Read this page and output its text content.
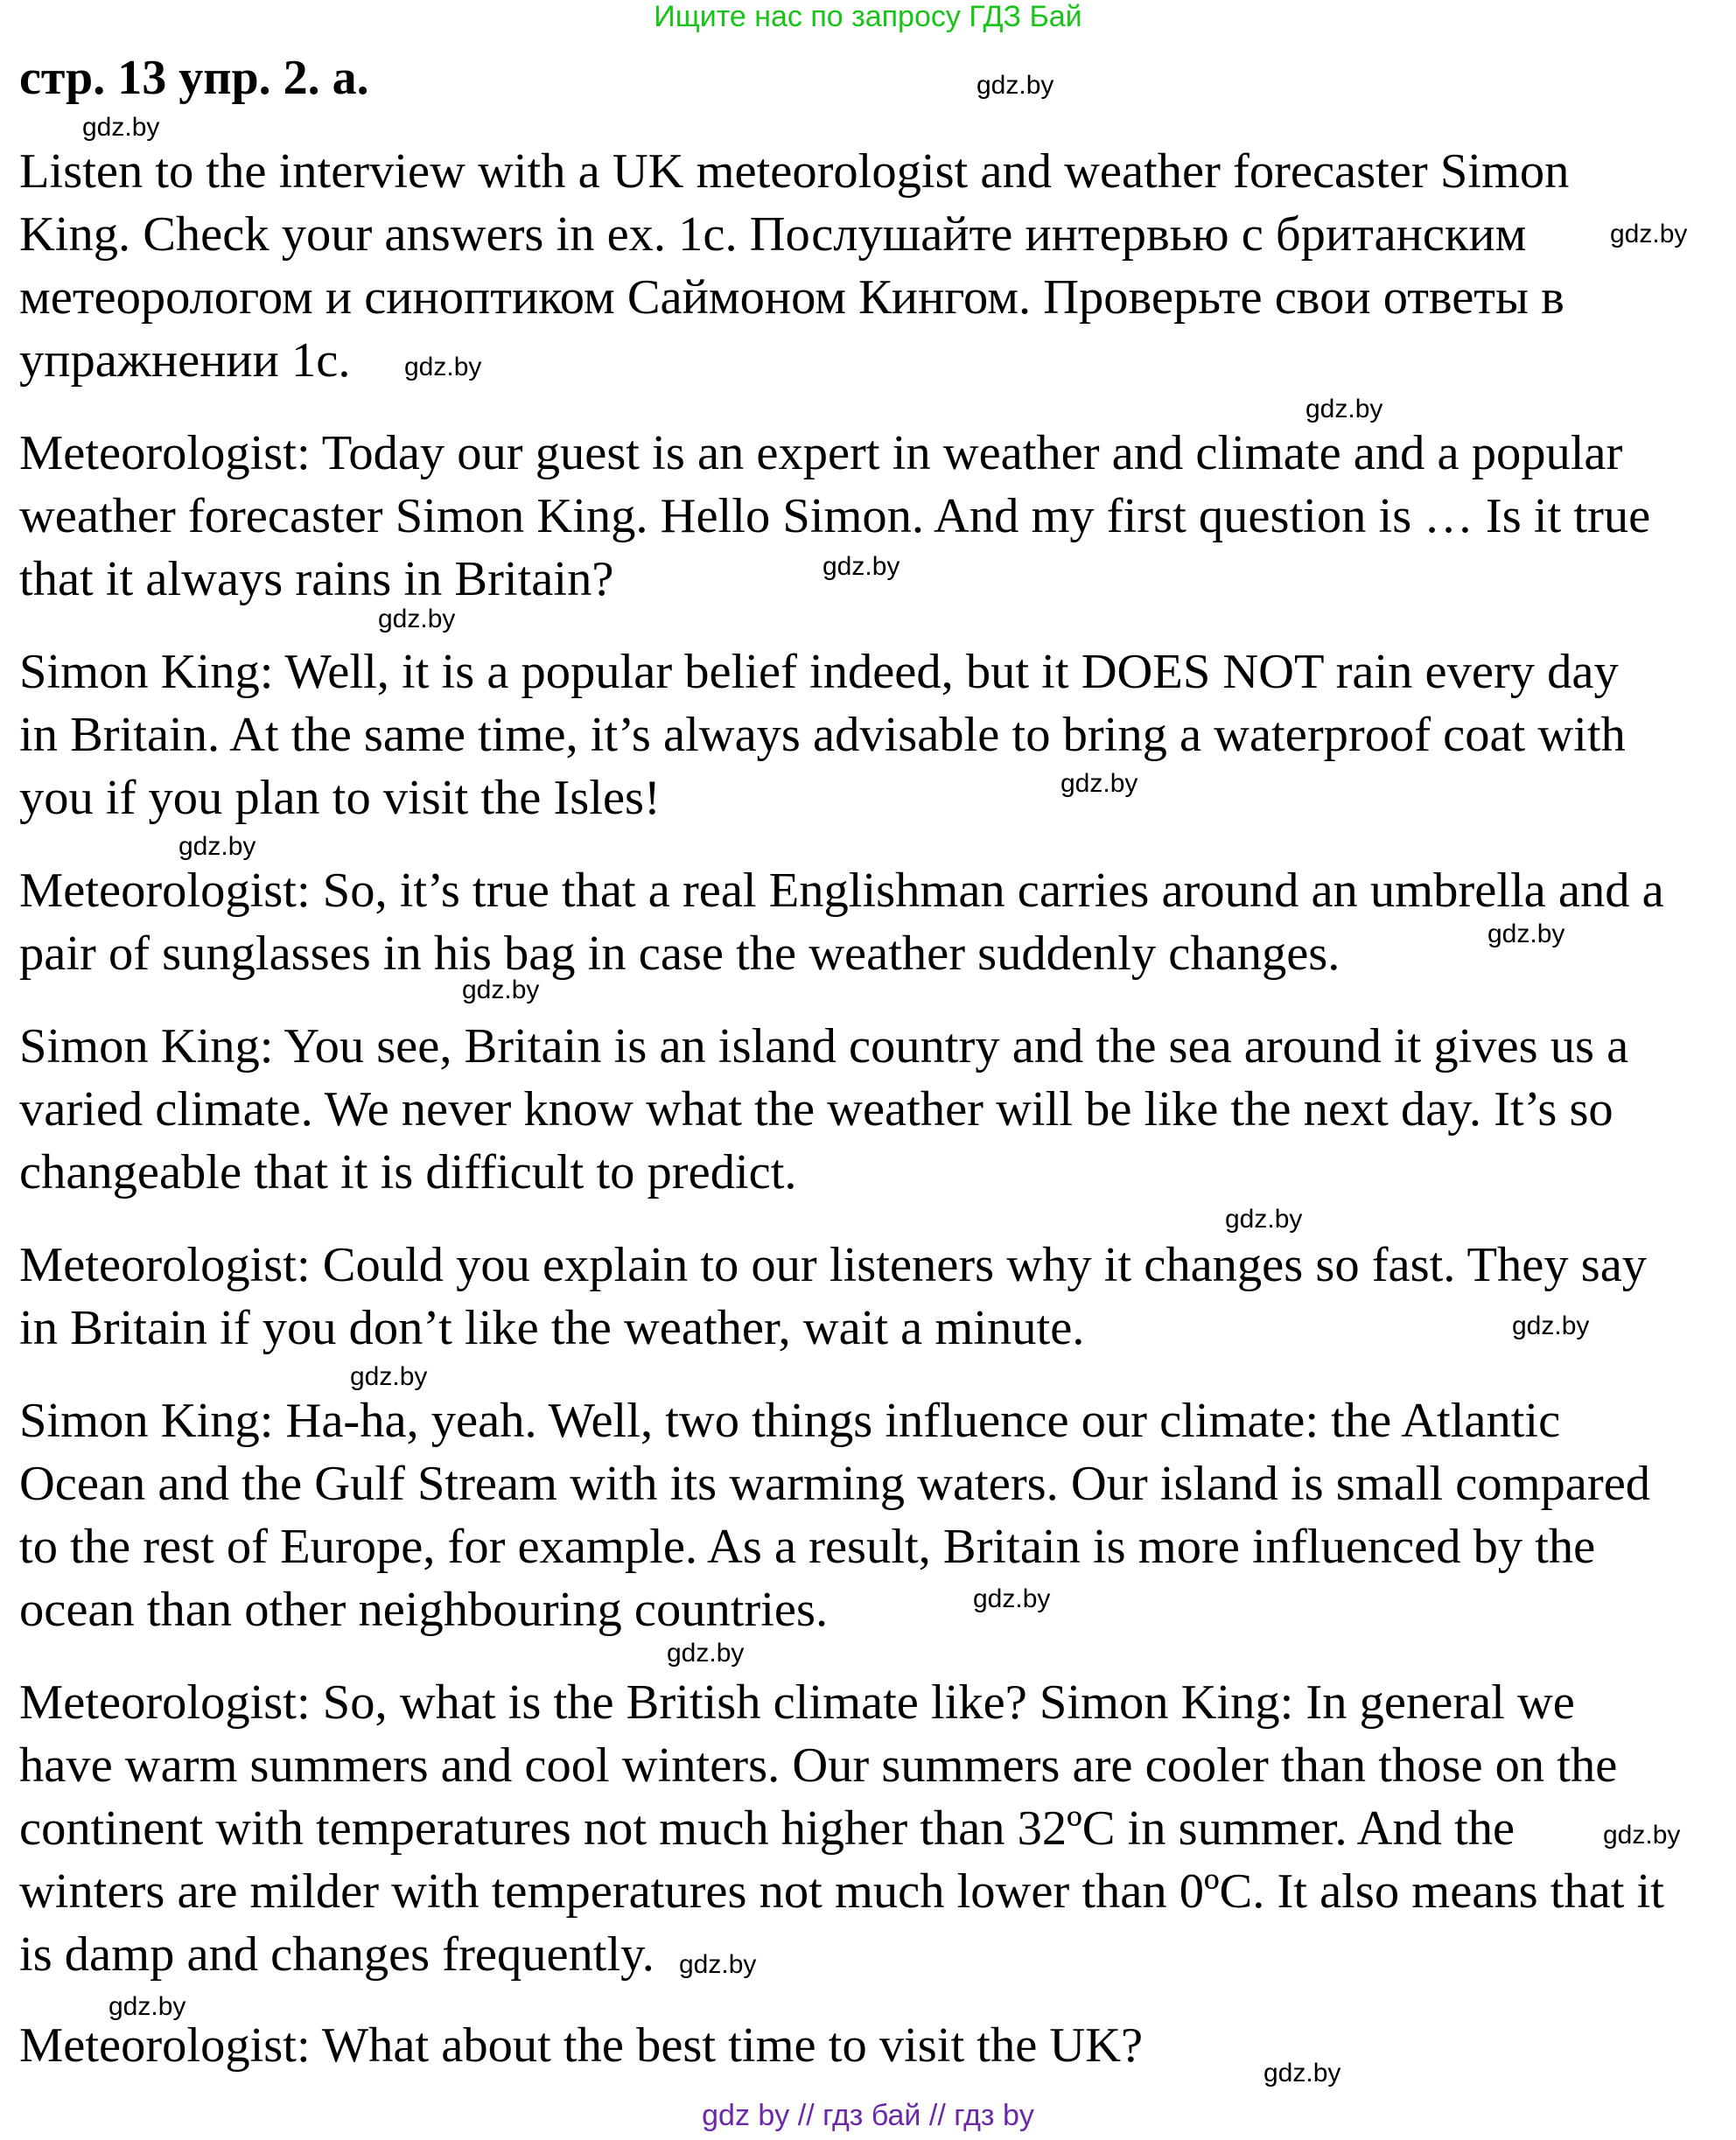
Ищите нас по запросу ГДЗ Бай
стр. 13 упр. 2. а.

Listen to the interview with a UK meteorologist and weather forecaster Simon
King. Check your answers in ex. 1c. Послушайте интервью с британским
метеорологом и синоптиком Саймоном Кингом. Проверьте свои ответы в
упражнении 1c.

Meteorologist: Today our guest is an expert in weather and climate and a popular
weather forecaster Simon King. Hello Simon. And my first question is … Is it true
that it always rains in Britain?

Simon King: Well, it is a popular belief indeed, but it DOES NOT rain every day
in Britain. At the same time, it’s always advisable to bring a waterproof coat with
you if you plan to visit the Isles!

Meteorologist: So, it’s true that a real Englishman carries around an umbrella and a
pair of sunglasses in his bag in case the weather suddenly changes.

Simon King: You see, Britain is an island country and the sea around it gives us a
varied climate. We never know what the weather will be like the next day. It’s so
changeable that it is difficult to predict.

Meteorologist: Could you explain to our listeners why it changes so fast. They say
in Britain if you don’t like the weather, wait a minute.

Simon King: Ha-ha, yeah. Well, two things influence our climate: the Atlantic
Ocean and the Gulf Stream with its warming waters. Our island is small compared
to the rest of Europe, for example. As a result, Britain is more influenced by the
ocean than other neighbouring countries.

Meteorologist: So, what is the British climate like? Simon King: In general we
have warm summers and cool winters. Our summers are cooler than those on the
continent with temperatures not much higher than 32ºC in summer. And the
winters are milder with temperatures not much lower than 0ºC. It also means that it
is damp and changes frequently.

Meteorologist: What about the best time to visit the UK?

gdz.by
gdz.by
gdz.by
gdz.by
gdz.by
gdz.by
gdz.by
gdz.by
gdz.by
gdz.by
gdz.by
gdz.by
gdz.by
gdz.by
gdz.by
gdz.by
gdz.by
gdz.by
gdz.by
gdz.by
gdz by // гдз бай // гдз by
